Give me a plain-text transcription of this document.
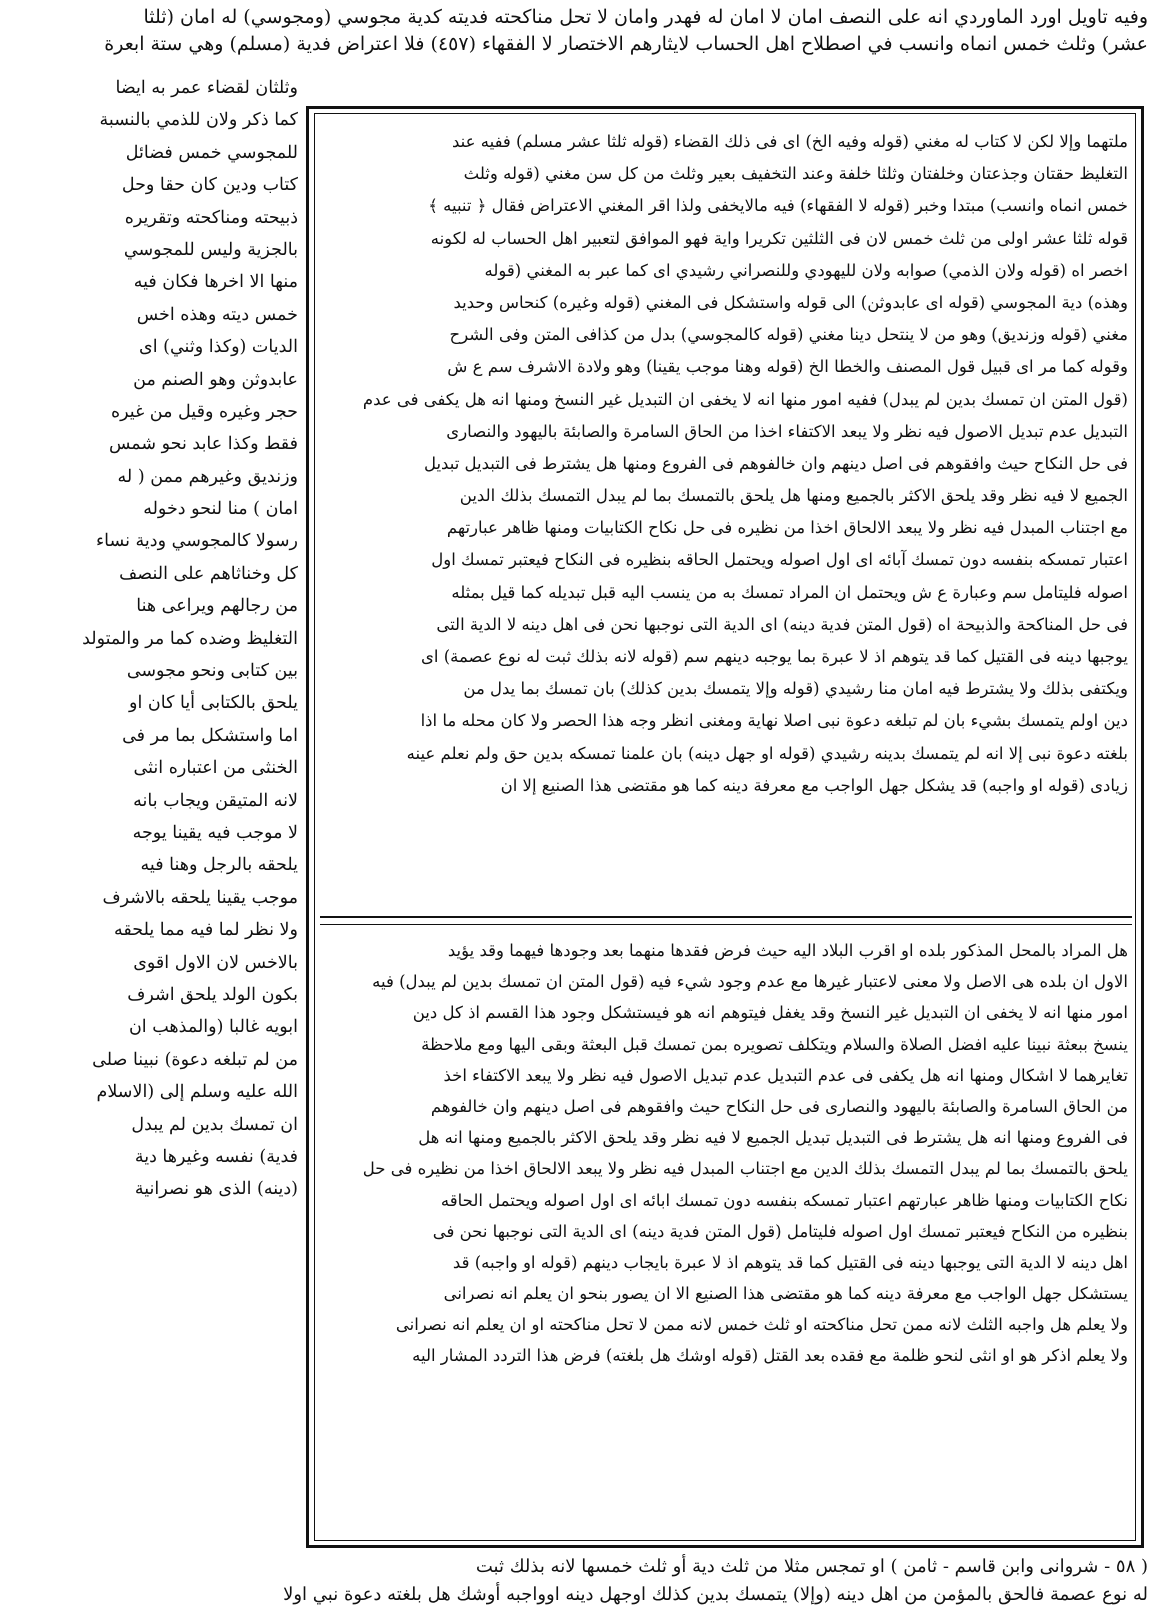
وفيه تاويل اورد الماوردي انه على النصف امان لا امان له فهدر وامان لا تحل مناكحته فديته كدية مجوسي (ومجوسي) له امان (ثلثا
عشر) وثلث خمس انماه وانسب في اصطلاح اهل الحساب لايثارهم الاختصار لا الفقهاء (٤٥٧) فلا اعتراض فدية (مسلم) وهي ستة ابعرة
وثلثان لقضاء عمر به ايضا
كما ذكر ولان للذمي بالنسبة
للمجوسي خمس فضائل
كتاب ودين كان حقا وحل
ذبيحته ومناكحته وتقريره
بالجزية وليس للمجوسي
منها الا اخرها فكان فيه
خمس ديته وهذه اخس
الديات (وكذا وثني) اى
عابدوثن وهو الصنم من
حجر وغيره وقيل من غيره
فقط وكذا عابد نحو شمس
وزنديق وغيرهم ممن ( له
امان ) منا لنحو دخوله
رسولا كالمجوسي ودية نساء
كل وخناثاهم على النصف
من رجالهم ويراعى هنا
التغليظ وضده كما مر والمتولد
بين كتابى ونحو مجوسى
يلحق بالكتابى أيا كان او
اما واستشكل بما مر فى
الخنثى من اعتباره انثى
لانه المتيقن ويجاب بانه
لا موجب فيه يقينا يوجه
يلحقه بالرجل وهنا فيه
موجب يقينا يلحقه بالاشرف
ولا نظر لما فيه مما يلحقه
بالاخس لان الاول اقوى
بكون الولد يلحق اشرف
ابويه غالبا (والمذهب ان
من لم تبلغه دعوة) نبينا صلى
الله عليه وسلم إلى (الاسلام
ان تمسك بدين لم يبدل
فدية) نفسه وغيرها دية
(دينه) الذى هو نصرانية
ملتهما وإلا لكن لا كتاب له مغني (قوله وفيه الخ) اى فى ذلك القضاء (قوله ثلثا عشر مسلم) ففيه عند
التغليظ حقتان وجذعتان وخلفتان وثلثا خلفة وعند التخفيف بعير وثلث من كل سن مغني (قوله وثلث
خمس انماه وانسب) مبتدا وخبر (قوله لا الفقهاء) فيه مالايخفى ولذا اقر المغني الاعتراض فقال ﴿ تنبيه ﴾
قوله ثلثا عشر اولى من ثلث خمس لان فى الثلثين تكريرا واية فهو الموافق لتعبير اهل الحساب له لكونه
اخصر اه (قوله ولان الذمي) صوابه ولان لليهودي وللنصراني رشيدي اى كما عبر به المغني (قوله
وهذه) دية المجوسي (قوله اى عابدوثن) الى قوله واستشكل فى المغني (قوله وغيره) كنحاس وحديد
مغني (قوله وزنديق) وهو من لا ينتحل دينا مغني (قوله كالمجوسي) بدل من كذافى المتن وفى الشرح
وقوله كما مر اى قبيل قول المصنف والخطا الخ (قوله وهنا موجب يقينا) وهو ولادة الاشرف سم ع ش
(قول المتن ان تمسك بدين لم يبدل) ففيه امور منها انه لا يخفى ان التبديل غير النسخ ومنها انه هل يكفى فى عدم
التبديل عدم تبديل الاصول فيه نظر ولا يبعد الاكتفاء اخذا من الحاق السامرة والصابئة باليهود والنصارى
فى حل النكاح حيث وافقوهم فى اصل دينهم وان خالفوهم فى الفروع ومنها هل يشترط فى التبديل تبديل
الجميع لا فيه نظر وقد يلحق الاكثر بالجميع ومنها هل يلحق بالتمسك بما لم يبدل التمسك بذلك الدين
مع اجتناب المبدل فيه نظر ولا يبعد الالحاق اخذا من نظيره فى حل نكاح الكتابيات ومنها ظاهر عبارتهم
اعتبار تمسكه بنفسه دون تمسك آبائه اى اول اصوله ويحتمل الحاقه بنظيره فى النكاح فيعتبر تمسك اول
اصوله فليتامل سم وعبارة ع ش ويحتمل ان المراد تمسك به من ينسب اليه قبل تبديله كما قيل بمثله
فى حل المناكحة والذبيحة اه (قول المتن فدية دينه) اى الدية التى نوجبها نحن فى اهل دينه لا الدية التى
يوجبها دينه فى القتيل كما قد يتوهم اذ لا عبرة بما يوجبه دينهم سم (قوله لانه بذلك ثبت له نوع عصمة) اى
ويكتفى بذلك ولا يشترط فيه امان منا رشيدي (قوله وإلا يتمسك بدين كذلك) بان تمسك بما يدل من
دين اولم يتمسك بشيء بان لم تبلغه دعوة نبى اصلا نهاية ومغنى انظر وجه هذا الحصر ولا كان محله ما اذا
بلغته دعوة نبى إلا انه لم يتمسك بدينه رشيدي (قوله او جهل دينه) بان علمنا تمسكه بدين حق ولم نعلم عينه
زيادى (قوله او واجبه) قد يشكل جهل الواجب مع معرفة دينه كما هو مقتضى هذا الصنيع إلا ان
هل المراد بالمحل المذكور بلده او اقرب البلاد اليه حيث فرض فقدها منهما بعد وجودها فيهما وقد يؤيد
الاول ان بلده هى الاصل ولا معنى لاعتبار غيرها مع عدم وجود شيء فيه (قول المتن ان تمسك بدين لم يبدل) فيه
امور منها انه لا يخفى ان التبديل غير النسخ وقد يغفل فيتوهم انه هو فيستشكل وجود هذا القسم اذ كل دين
ينسخ ببعثة نبينا عليه افضل الصلاة والسلام ويتكلف تصويره بمن تمسك قبل البعثة وبقى اليها ومع ملاحظة
تغايرهما لا اشكال ومنها انه هل يكفى فى عدم التبديل عدم تبديل الاصول فيه نظر ولا يبعد الاكتفاء اخذ
من الحاق السامرة والصابئة باليهود والنصارى فى حل النكاح حيث وافقوهم فى اصل دينهم وان خالفوهم
فى الفروع ومنها انه هل يشترط فى التبديل تبديل الجميع لا فيه نظر وقد يلحق الاكثر بالجميع ومنها انه هل
يلحق بالتمسك بما لم يبدل التمسك بذلك الدين مع اجتناب المبدل فيه نظر ولا يبعد الالحاق اخذا من نظيره فى حل
نكاح الكتابيات ومنها ظاهر عبارتهم اعتبار تمسكه بنفسه دون تمسك ابائه اى اول اصوله ويحتمل الحاقه
بنظيره من النكاح فيعتبر تمسك اول اصوله فليتامل (قول المتن فدية دينه) اى الدية التى نوجبها نحن فى
اهل دينه لا الدية التى يوجبها دينه فى القتيل كما قد يتوهم اذ لا عبرة بايجاب دينهم (قوله او واجبه) قد
يستشكل جهل الواجب مع معرفة دينه كما هو مقتضى هذا الصنيع الا ان يصور بنحو ان يعلم انه نصرانى
ولا يعلم هل واجبه الثلث لانه ممن تحل مناكحته او ثلث خمس لانه ممن لا تحل مناكحته او ان يعلم انه نصرانى
ولا يعلم اذكر هو او انثى لنحو ظلمة مع فقده بعد القتل (قوله اوشك هل بلغته) فرض هذا التردد المشار اليه
( ٥٨ - شروانى وابن قاسم - ثامن ) او تمجس مثلا من ثلث دية أو ثلث خمسها لانه بذلك ثبت
له نوع عصمة فالحق بالمؤمن من اهل دينه (وإلا) يتمسك بدين كذلك اوجهل دينه اوواجبه أوشك هل بلغته دعوة نبي اولا
